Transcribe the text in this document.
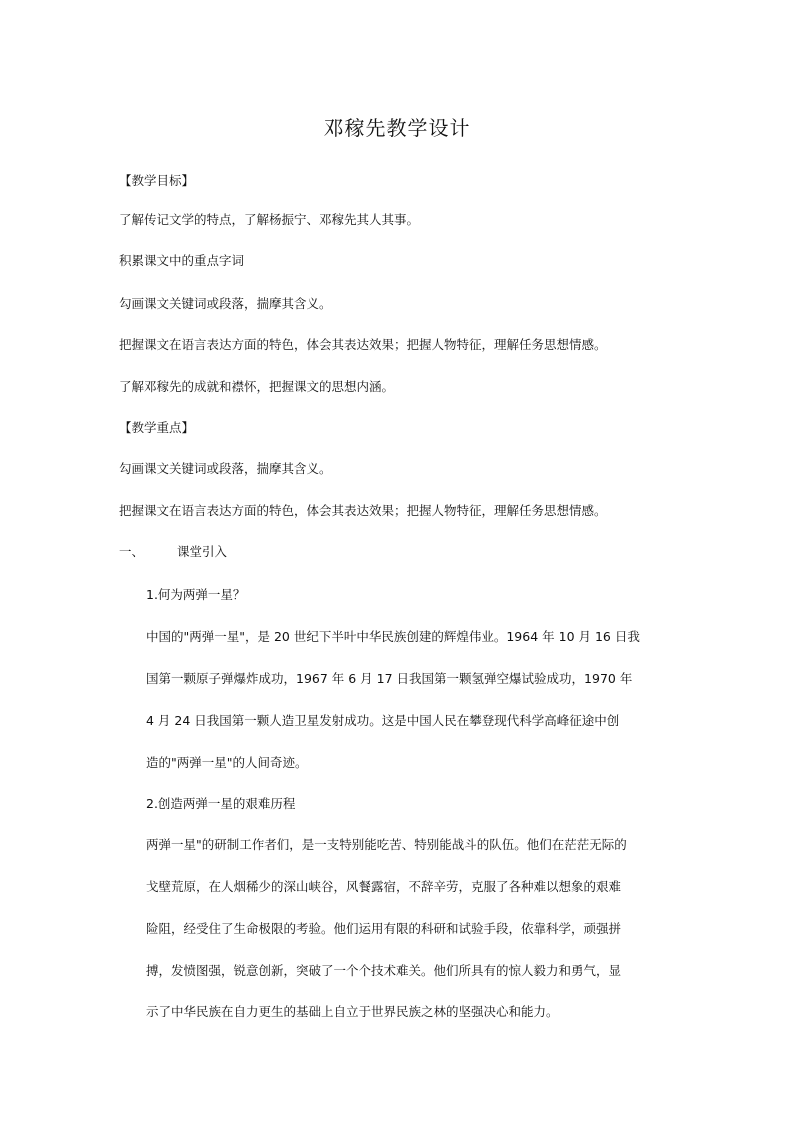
邓稼先教学设计
【教学目标】
了解传记文学的特点，了解杨振宁、邓稼先其人其事。
积累课文中的重点字词
勾画课文关键词或段落，揣摩其含义。
把握课文在语言表达方面的特色，体会其表达效果；把握人物特征，理解任务思想情感。
了解邓稼先的成就和襟怀，把握课文的思想内涵。
【教学重点】
勾画课文关键词或段落，揣摩其含义。
把握课文在语言表达方面的特色，体会其表达效果；把握人物特征，理解任务思想情感。
一、	课堂引入
1.何为两弹一星？
中国的"两弹一星"，是 20 世纪下半叶中华民族创建的辉煌伟业。1964 年 10 月 16 日我
国第一颗原子弹爆炸成功，1967 年 6 月 17 日我国第一颗氢弹空爆试验成功，1970 年
4 月 24 日我国第一颗人造卫星发射成功。这是中国人民在攀登现代科学高峰征途中创
造的"两弹一星"的人间奇迹。
2.创造两弹一星的艰难历程
两弹一星"的研制工作者们，是一支特别能吃苦、特别能战斗的队伍。他们在茫茫无际的
戈壁荒原，在人烟稀少的深山峡谷，风餐露宿，不辞辛劳，克服了各种难以想象的艰难
险阻，经受住了生命极限的考验。他们运用有限的科研和试验手段，依靠科学，顽强拼
搏，发愤图强，锐意创新，突破了一个个技术难关。他们所具有的惊人毅力和勇气，显
示了中华民族在自力更生的基础上自立于世界民族之林的坚强决心和能力。
